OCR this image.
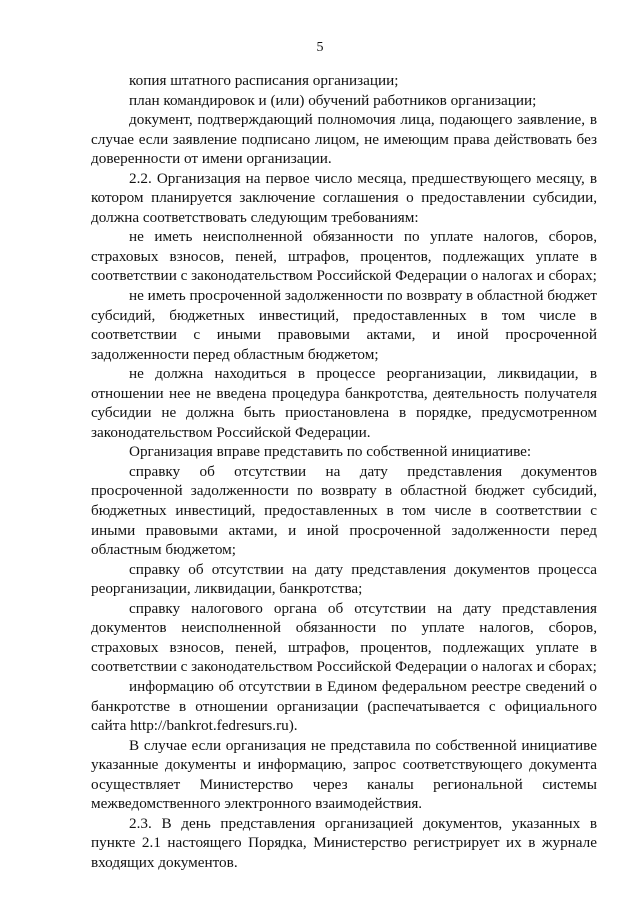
5

копия штатного расписания организации;

план командировок и (или) обучений работников организации;

документ, подтверждающий полномочия лица, подающего заявление, в случае если заявление подписано лицом, не имеющим права действовать без доверенности от имени организации.

2.2. Организация на первое число месяца, предшествующего месяцу, в котором планируется заключение соглашения о предоставлении субсидии, должна соответствовать следующим требованиям:

не иметь неисполненной обязанности по уплате налогов, сборов, страховых взносов, пеней, штрафов, процентов, подлежащих уплате в соответствии с законодательством Российской Федерации о налогах и сборах;

не иметь просроченной задолженности по возврату в областной бюджет субсидий, бюджетных инвестиций, предоставленных в том числе в соответствии с иными правовыми актами, и иной просроченной задолженности перед областным бюджетом;

не должна находиться в процессе реорганизации, ликвидации, в отношении нее не введена процедура банкротства, деятельность получателя субсидии не должна быть приостановлена в порядке, предусмотренном законодательством Российской Федерации.

Организация вправе представить по собственной инициативе:

справку об отсутствии на дату представления документов просроченной задолженности по возврату в областной бюджет субсидий, бюджетных инвестиций, предоставленных в том числе в соответствии с иными правовыми актами, и иной просроченной задолженности перед областным бюджетом;

справку об отсутствии на дату представления документов процесса реорганизации, ликвидации, банкротства;

справку налогового органа об отсутствии на дату представления документов неисполненной обязанности по уплате налогов, сборов, страховых взносов, пеней, штрафов, процентов, подлежащих уплате в соответствии с законодательством Российской Федерации о налогах и сборах;

информацию об отсутствии в Едином федеральном реестре сведений о банкротстве в отношении организации (распечатывается с официального сайта http://bankrot.fedresurs.ru).

В случае если организация не представила по собственной инициативе указанные документы и информацию, запрос соответствующего документа осуществляет Министерство через каналы региональной системы межведомственного электронного взаимодействия.

2.3. В день представления организацией документов, указанных в пункте 2.1 настоящего Порядка, Министерство регистрирует их в журнале входящих документов.
